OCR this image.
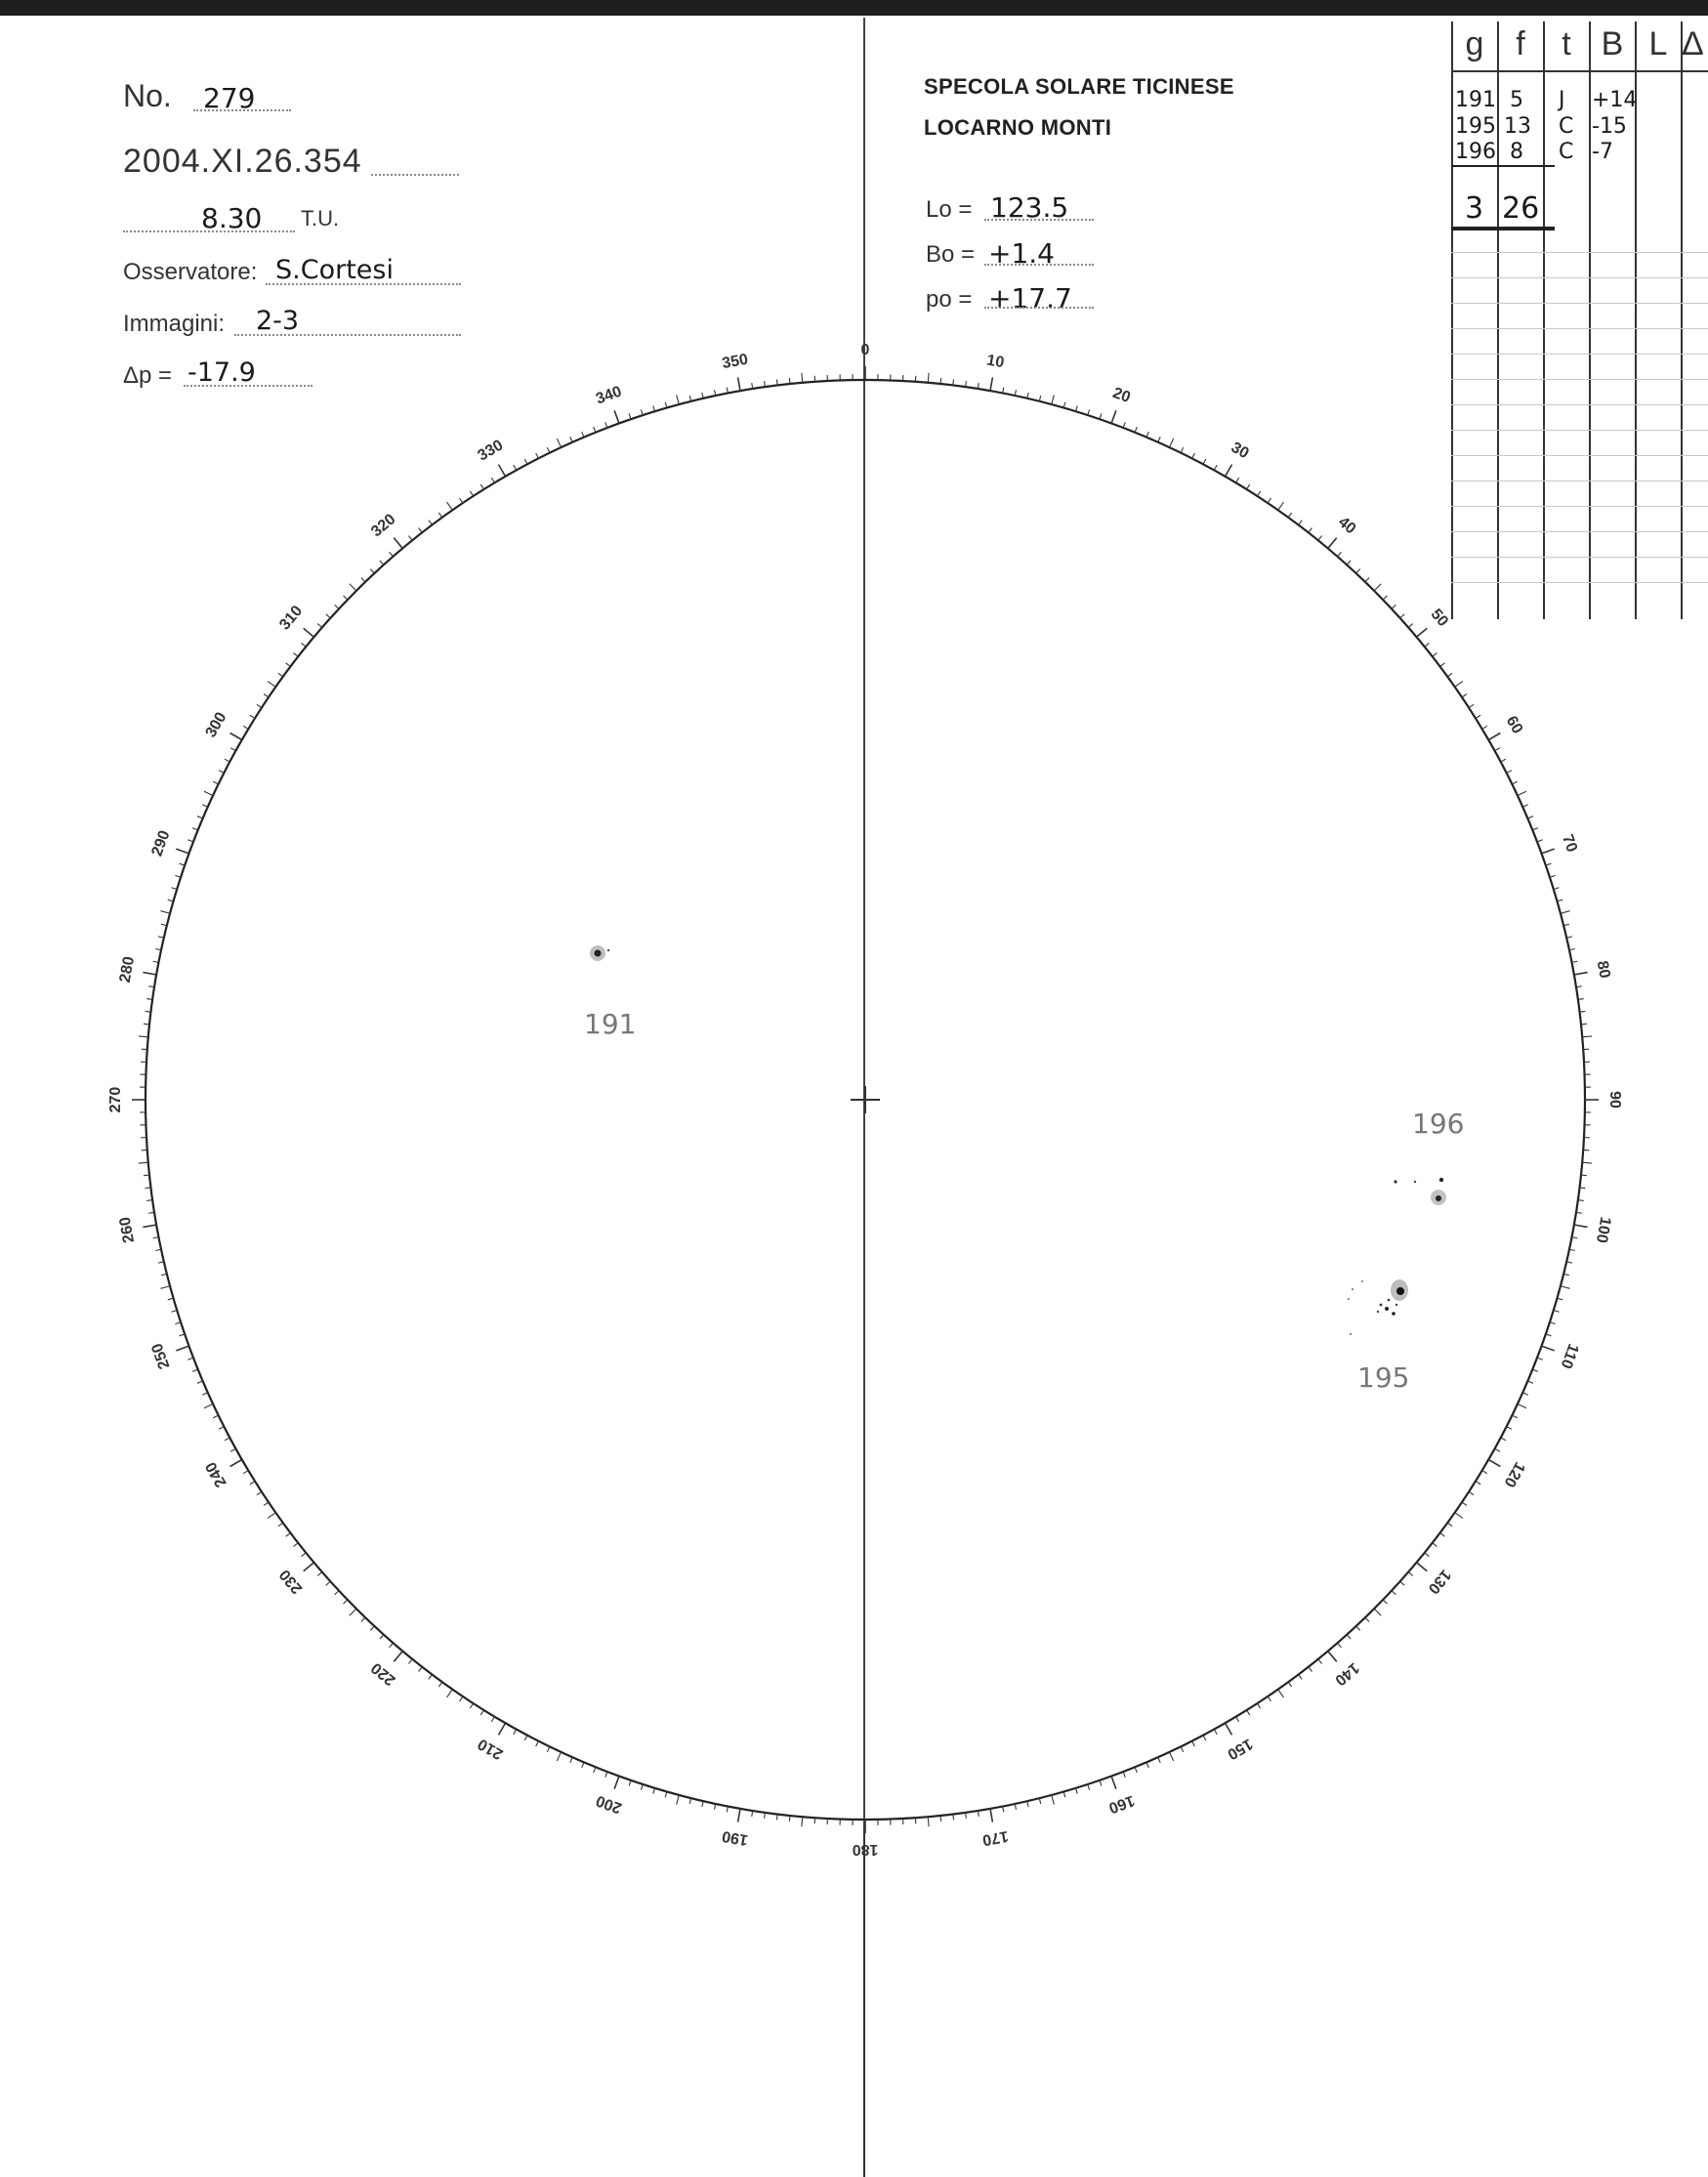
0
10
20
30
40
50
60
70
80
90
100
110
120
130
140
150
160
170
180
190
200
210
220
230
240
250
260
270
280
290
300
310
320
330
340
350
No. 279
2004.XI.26.354
8.30 T.U.
Osservatore: S.Cortesi
Immagini: 2-3
Δp = -17.9
SPECOLA SOLARE TICINESE
LOCARNO MONTI
Lo = 123.5
Bo = +1.4
po = +17.7
g f	t B L Δ
191 5 J +14
195 13 C -15
196 8 C -7
3 26
191
196
195
